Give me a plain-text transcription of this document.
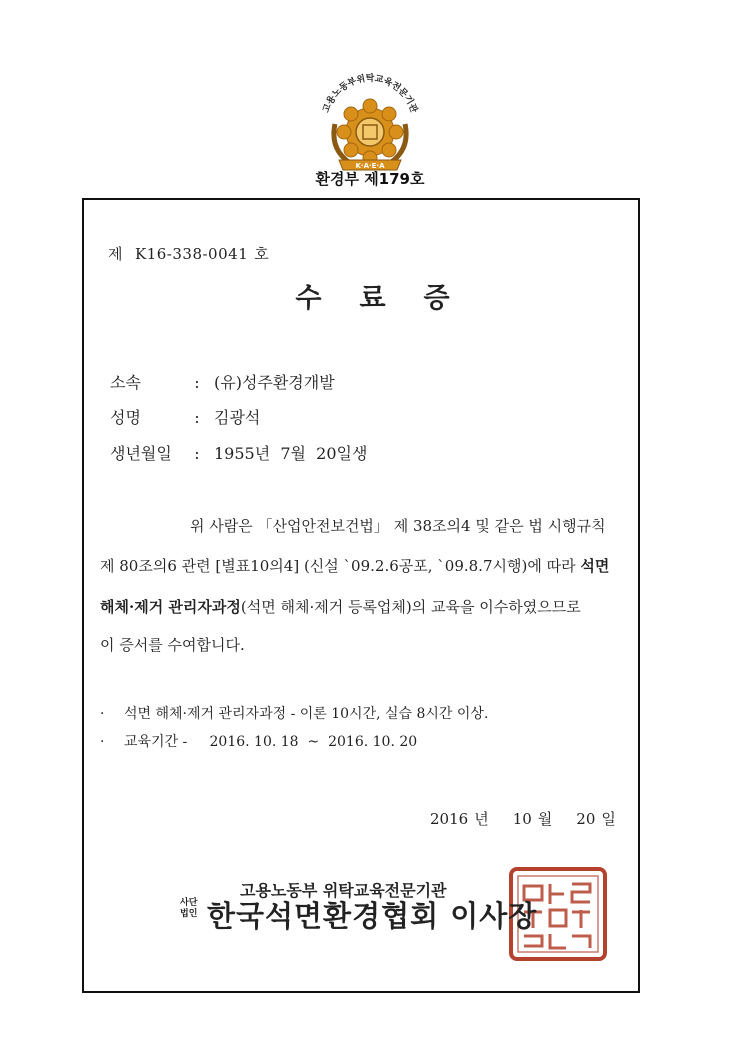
고용노동부위탁교육전문기관
K·A·E·A
환경부 제179호
제 K16-338-0041 호
수료증
소속	: (유)성주환경개발
성명	: 김광석
생년월일 : 1955년  7월  20일생
위 사람은 「산업안전보건법」 제 38조의4 및 같은 법 시행규칙
제 80조의6 관련 [별표10의4] (신설 `09.2.6공포, `09.8.7시행)에 따라 석면
해체·제거 관리자과정(석면 해체·제거 등록업체)의 교육을 이수하였으므로
이 증서를 수여합니다.
· 석면 해체·제거 관리자과정 - 이론 10시간, 실습 8시간 이상.
· 교육기간 -     2016. 10. 18  ~  2016. 10. 20
2016 년 10 월 20 일
고용노동부 위탁교육전문기관
사단
법인 한국석면환경협회 이사장
